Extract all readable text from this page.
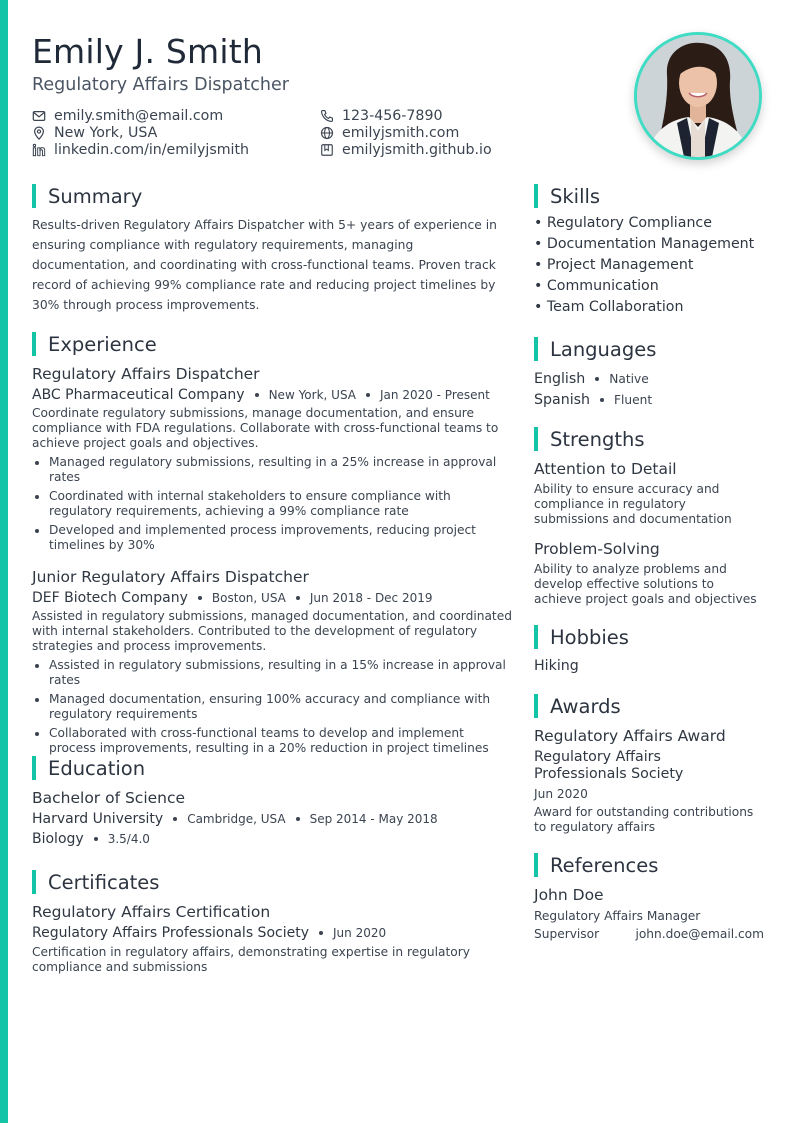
Emily J. Smith
Regulatory Affairs Dispatcher
emily.smith@email.com	123-456-7890
New York, USA	emilyjsmith.com
linkedin.com/in/emilyjsmith	emilyjsmith.github.io
Summary
Results-driven Regulatory Affairs Dispatcher with 5+ years of experience in ensuring compliance with regulatory requirements, managing documentation, and coordinating with cross-functional teams. Proven track record of achieving 99% compliance rate and reducing project timelines by 30% through process improvements.
Experience
Regulatory Affairs Dispatcher
ABC Pharmaceutical Company New York, USA Jan 2020 - Present
Coordinate regulatory submissions, manage documentation, and ensure compliance with FDA regulations. Collaborate with cross-functional teams to achieve project goals and objectives.
Managed regulatory submissions, resulting in a 25% increase in approval rates
Coordinated with internal stakeholders to ensure compliance with regulatory requirements, achieving a 99% compliance rate
Developed and implemented process improvements, reducing project timelines by 30%
Junior Regulatory Affairs Dispatcher
DEF Biotech Company Boston, USA Jun 2018 - Dec 2019
Assisted in regulatory submissions, managed documentation, and coordinated with internal stakeholders. Contributed to the development of regulatory strategies and process improvements.
Assisted in regulatory submissions, resulting in a 15% increase in approval rates
Managed documentation, ensuring 100% accuracy and compliance with regulatory requirements
Collaborated with cross-functional teams to develop and implement process improvements, resulting in a 20% reduction in project timelines
Education
Bachelor of Science
Harvard University Cambridge, USA Sep 2014 - May 2018
Biology 3.5/4.0
Certificates
Regulatory Affairs Certification
Regulatory Affairs Professionals Society Jun 2020
Certification in regulatory affairs, demonstrating expertise in regulatory compliance and submissions
Skills
• Regulatory Compliance
• Documentation Management
• Project Management
• Communication
• Team Collaboration
Languages
English Native
Spanish Fluent
Strengths
Attention to Detail
Ability to ensure accuracy and compliance in regulatory submissions and documentation
Problem-Solving
Ability to analyze problems and develop effective solutions to achieve project goals and objectives
Hobbies
Hiking
Awards
Regulatory Affairs Award
Regulatory Affairs Professionals Society
Jun 2020
Award for outstanding contributions to regulatory affairs
References
John Doe
Regulatory Affairs Manager
Supervisor	john.doe@email.com
